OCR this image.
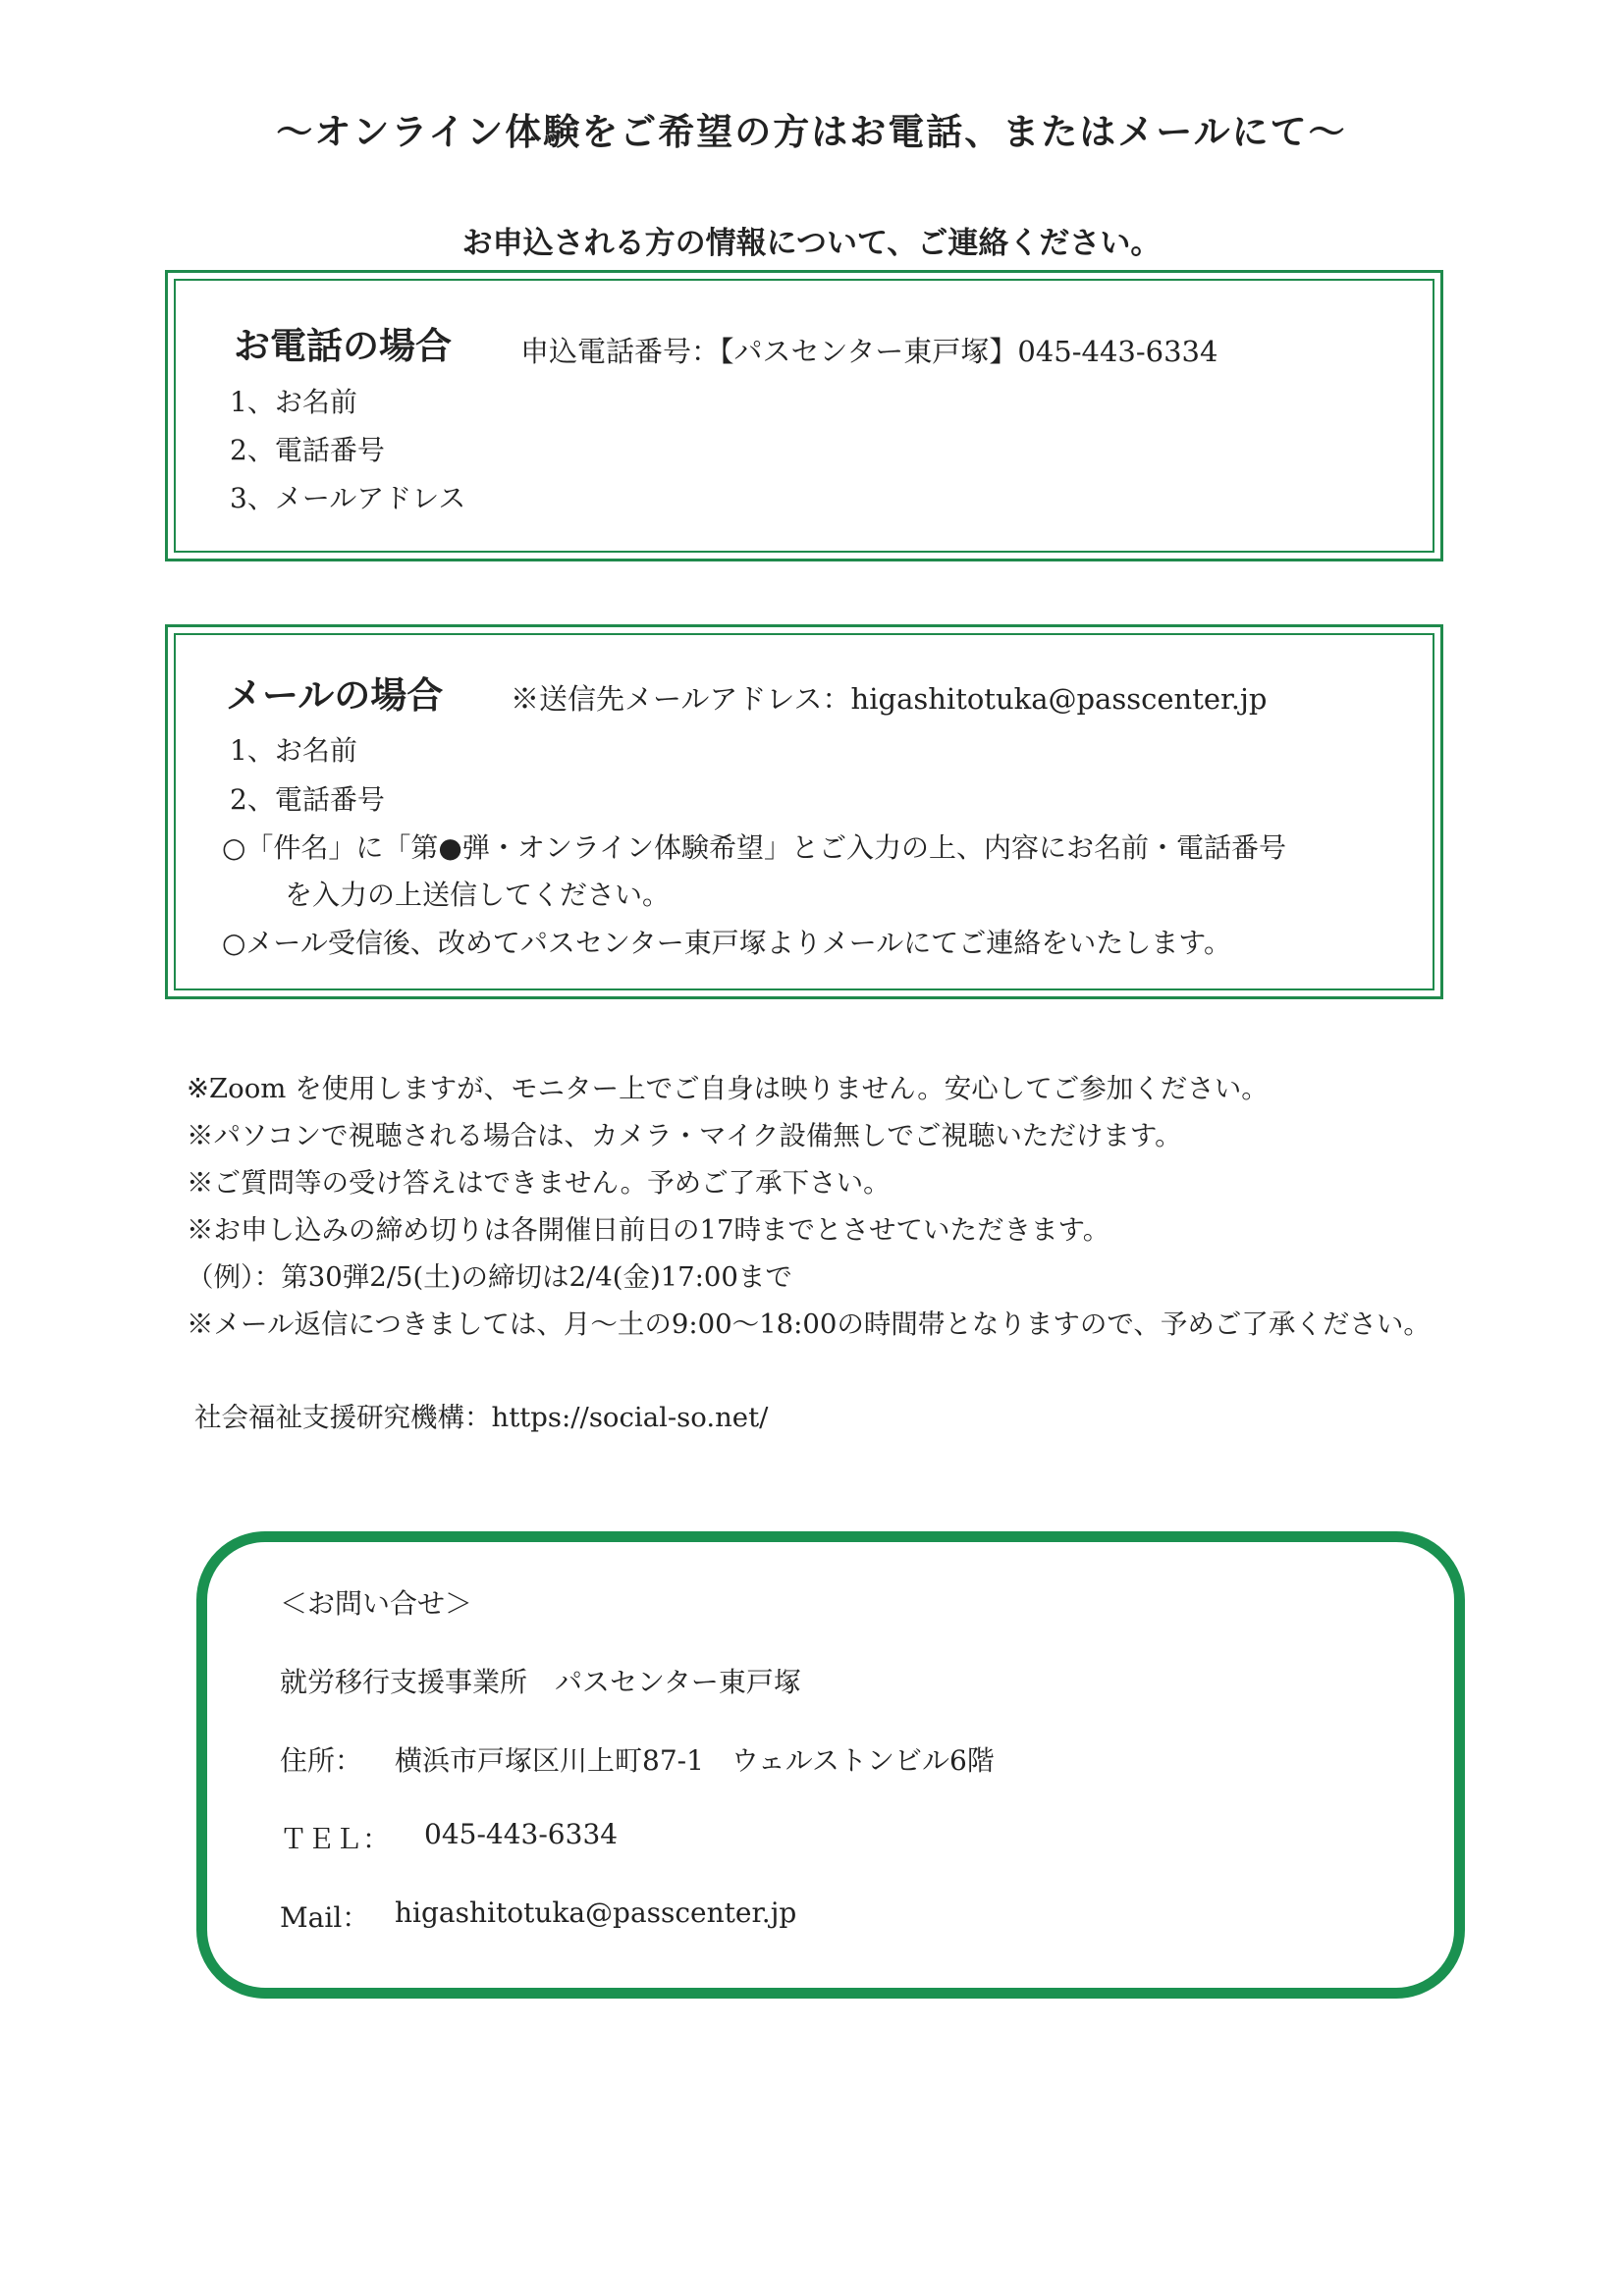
〜オンライン体験をご希望の方はお電話、またはメールにて〜
お申込される方の情報について、ご連絡ください。
お電話の場合 申込電話番号：【パスセンター東戸塚】045-443-6334
1、お名前
2、電話番号
3、メールアドレス
メールの場合 ※送信先メールアドレス：higashitotuka@passcenter.jp
1、お名前
2、電話番号
○「件名」に「第●弾・オンライン体験希望」とご入力の上、内容にお名前・電話番号
を入力の上送信してください。
○メール受信後、改めてパスセンター東戸塚よりメールにてご連絡をいたします。
※Zoom を使用しますが、モニター上でご自身は映りません。安心してご参加ください。
※パソコンで視聴される場合は、カメラ・マイク設備無しでご視聴いただけます。
※ご質問等の受け答えはできません。予めご了承下さい。
※お申し込みの締め切りは各開催日前日の17時までとさせていただきます。
（例）：第30弾2/5(土)の締切は2/4(金)17:00まで
※メール返信につきましては、月〜土の9:00〜18:00の時間帯となりますので、予めご了承ください。
社会福祉支援研究機構：https://social-so.net/
＜お問い合せ＞
就労移行支援事業所　パスセンター東戸塚
住所： 横浜市戸塚区川上町87-1　ウェルストンビル6階
ＴＥＬ： 045-443-6334
Mail： higashitotuka@passcenter.jp
